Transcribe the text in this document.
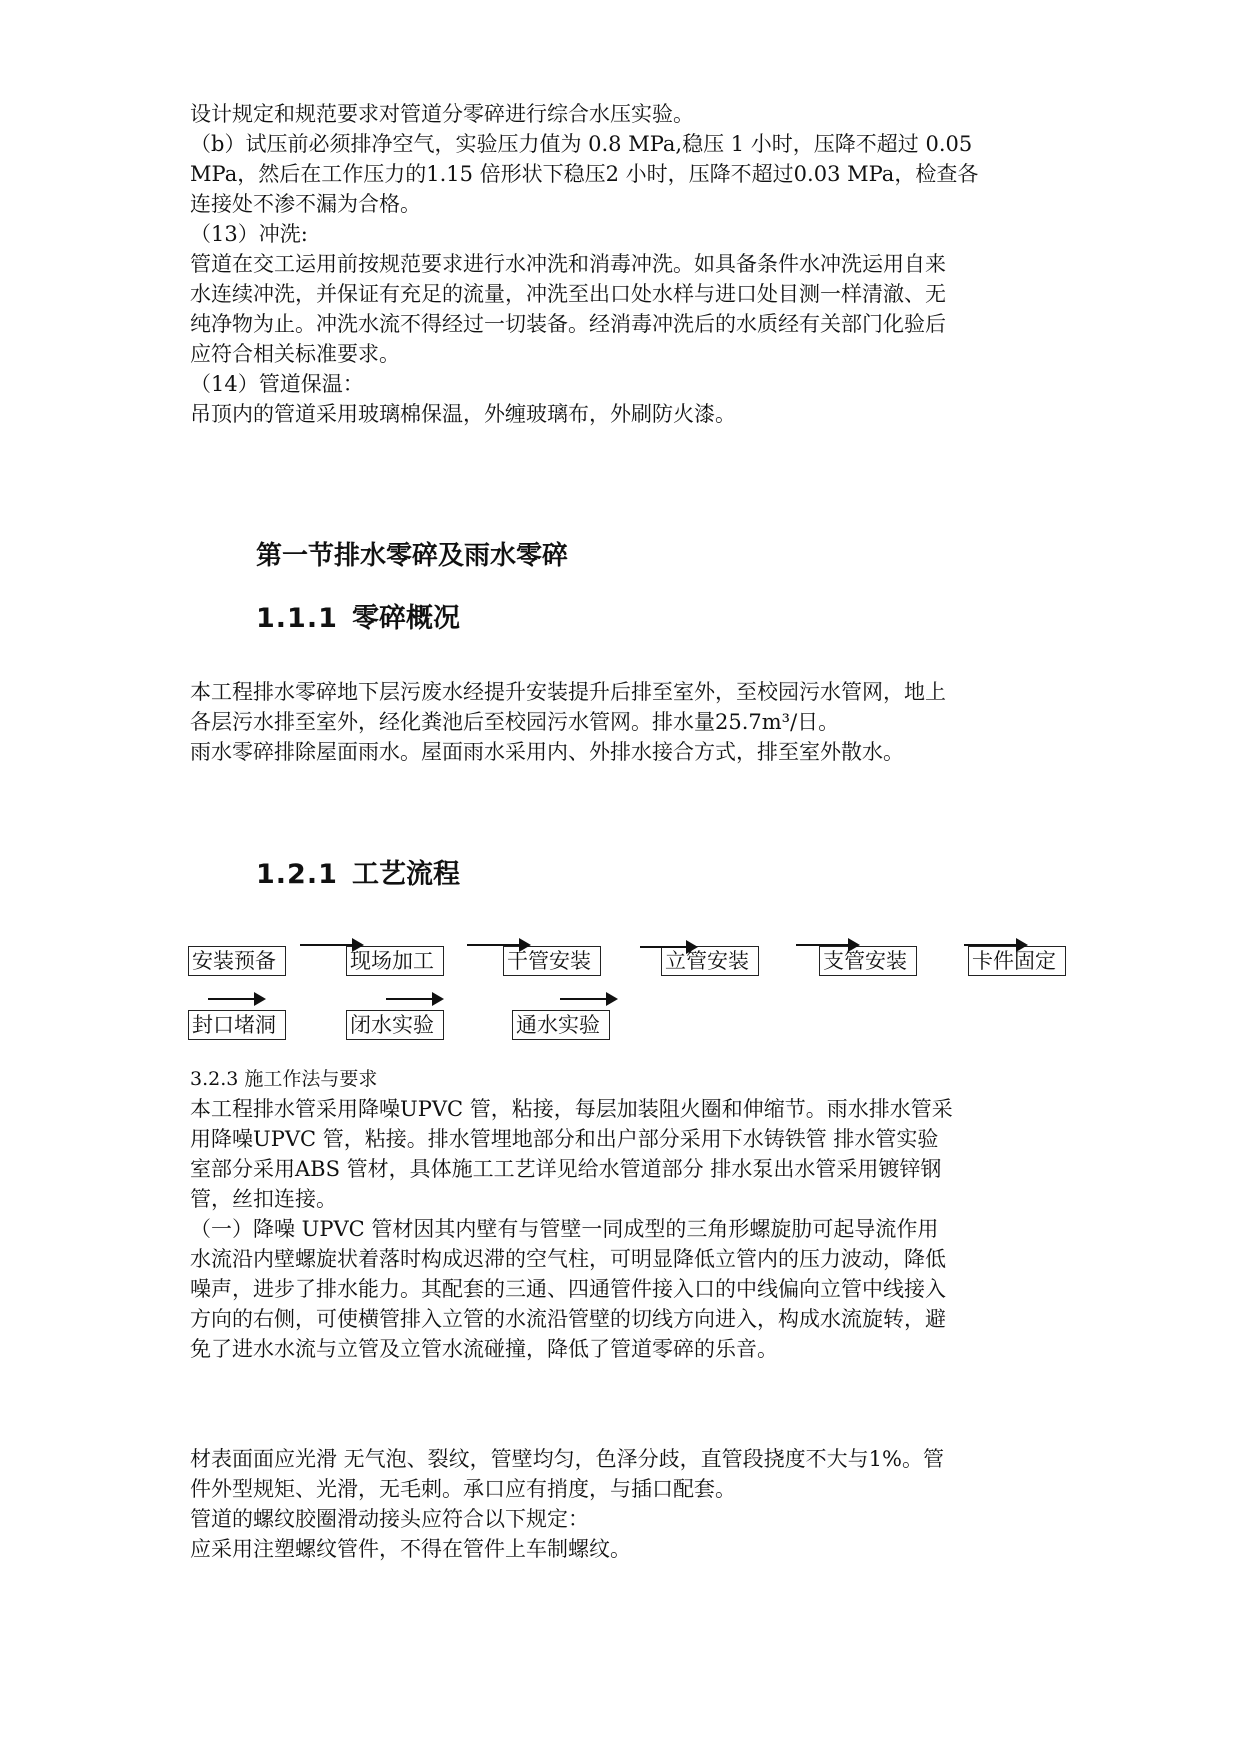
设计规定和规范要求对管道分零碎进行综合水压实验。
（b）试压前必须排净空气，实验压力值为 0.8 MPa,稳压 1 小时，压降不超过 0.05
MPa，然后在工作压力的1.15 倍形状下稳压2 小时，压降不超过0.03 MPa，检查各
连接处不渗不漏为合格。
（13）冲洗:
管道在交工运用前按规范要求进行水冲洗和消毒冲洗。如具备条件水冲洗运用自来
水连续冲洗，并保证有充足的流量，冲洗至出口处水样与进口处目测一样清澈、无
纯净物为止。冲洗水流不得经过一切装备。经消毒冲洗后的水质经有关部门化验后
应符合相关标准要求。
（14）管道保温：
吊顶内的管道采用玻璃棉保温，外缠玻璃布，外刷防火漆。
第一节排水零碎及雨水零碎
1.1.1 零碎概况
本工程排水零碎地下层污废水经提升安装提升后排至室外，至校园污水管网，地上
各层污水排至室外，经化粪池后至校园污水管网。排水量25.7m³/日。
雨水零碎排除屋面雨水。屋面雨水采用内、外排水接合方式，排至室外散水。
1.2.1 工艺流程
安装预备	现场加工	干管安装	立管安装	支管安装	卡件固定
封口堵洞	闭水实验	通水实验
3.2.3 施工作法与要求
本工程排水管采用降噪UPVC 管，粘接，每层加装阻火圈和伸缩节。雨水排水管采
用降噪UPVC 管，粘接。排水管埋地部分和出户部分采用下水铸铁管 排水管实验
室部分采用ABS 管材，具体施工工艺详见给水管道部分 排水泵出水管采用镀锌钢
管，丝扣连接。
（一）降噪 UPVC 管材因其内壁有与管壁一同成型的三角形螺旋肋可起导流作用
水流沿内壁螺旋状着落时构成迟滞的空气柱，可明显降低立管内的压力波动，降低
噪声，进步了排水能力。其配套的三通、四通管件接入口的中线偏向立管中线接入
方向的右侧，可使横管排入立管的水流沿管壁的切线方向进入，构成水流旋转，避
免了进水水流与立管及立管水流碰撞，降低了管道零碎的乐音。
材表面面应光滑 无气泡、裂纹，管壁均匀，色泽分歧，直管段挠度不大与1%。管
件外型规矩、光滑，无毛刺。承口应有捎度，与插口配套。
管道的螺纹胶圈滑动接头应符合以下规定：
应采用注塑螺纹管件，不得在管件上车制螺纹。
